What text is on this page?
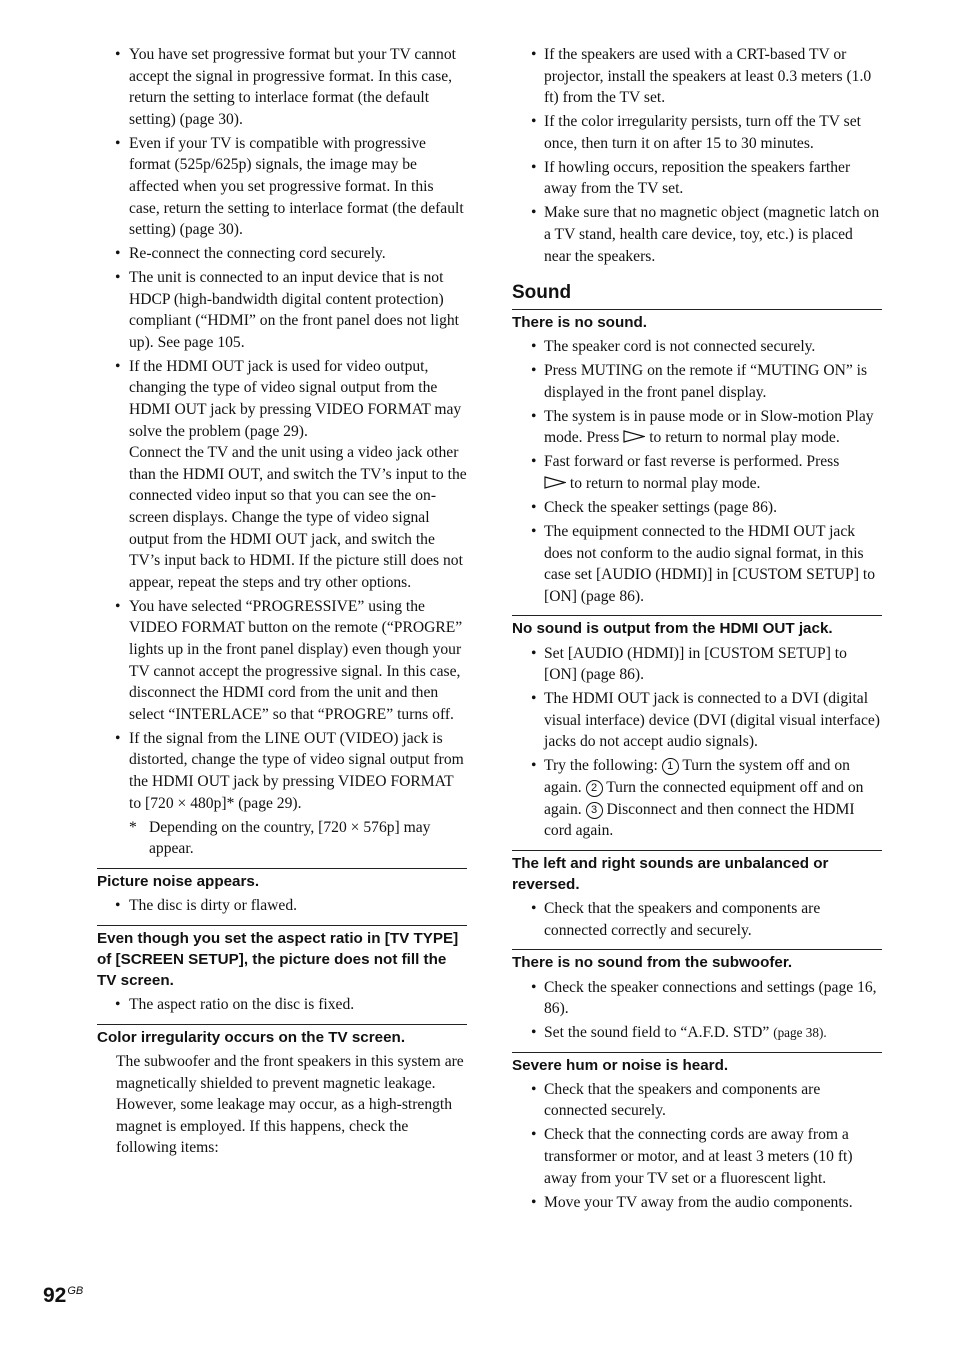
• You have set progressive format but your TV cannot accept the signal in progressive format. In this case, return the setting to interlace format (the default setting) (page 30).
• Even if your TV is compatible with progressive format (525p/625p) signals, the image may be affected when you set progressive format. In this case, return the setting to interlace format (the default setting) (page 30).
• Re-connect the connecting cord securely.
• The unit is connected to an input device that is not HDCP (high-bandwidth digital content protection) compliant (“HDMI” on the front panel does not light up). See page 105.
• If the HDMI OUT jack is used for video output, changing the type of video signal output from the HDMI OUT jack by pressing VIDEO FORMAT may solve the problem (page 29).
Connect the TV and the unit using a video jack other than the HDMI OUT, and switch the TV’s input to the connected video input so that you can see the on-screen displays. Change the type of video signal output from the HDMI OUT jack, and switch the TV’s input back to HDMI. If the picture still does not appear, repeat the steps and try other options.
• You have selected “PROGRESSIVE” using the VIDEO FORMAT button on the remote (“PROGRE” lights up in the front panel display) even though your TV cannot accept the progressive signal. In this case, disconnect the HDMI cord from the unit and then select “INTERLACE” so that “PROGRE” turns off.
• If the signal from the LINE OUT (VIDEO) jack is distorted, change the type of video signal output from the HDMI OUT jack by pressing VIDEO FORMAT to [720 × 480p]* (page 29).
* Depending on the country, [720 × 576p] may appear.
Picture noise appears.
• The disc is dirty or flawed.
Even though you set the aspect ratio in [TV TYPE] of [SCREEN SETUP], the picture does not fill the TV screen.
• The aspect ratio on the disc is fixed.
Color irregularity occurs on the TV screen.

The subwoofer and the front speakers in this system are magnetically shielded to prevent magnetic leakage. However, some leakage may occur, as a high-strength magnet is employed. If this happens, check the following items:

• If the speakers are used with a CRT-based TV or projector, install the speakers at least 0.3 meters (1.0 ft) from the TV set.
• If the color irregularity persists, turn off the TV set once, then turn it on after 15 to 30 minutes.
• If howling occurs, reposition the speakers farther away from the TV set.
• Make sure that no magnetic object (magnetic latch on a TV stand, health care device, toy, etc.) is placed near the speakers.
Sound
There is no sound.
• The speaker cord is not connected securely.
• Press MUTING on the remote if “MUTING ON” is displayed in the front panel display.
• The system is in pause mode or in Slow-motion Play mode. Press to return to normal play mode.
• Fast forward or fast reverse is performed. Press
to return to normal play mode.
• Check the speaker settings (page 86).
• The equipment connected to the HDMI OUT jack does not conform to the audio signal format, in this case set [AUDIO (HDMI)] in [CUSTOM SETUP] to [ON] (page 86).
No sound is output from the HDMI OUT jack.
• Set [AUDIO (HDMI)] in [CUSTOM SETUP] to [ON] (page 86).
• The HDMI OUT jack is connected to a DVI (digital visual interface) device (DVI (digital visual interface) jacks do not accept audio signals).
• Try the following: 1 Turn the system off and on again. 2 Turn the connected equipment off and on again. 3 Disconnect and then connect the HDMI cord again.
The left and right sounds are unbalanced or reversed.
• Check that the speakers and components are connected correctly and securely.
There is no sound from the subwoofer.
• Check the speaker connections and settings (page 16, 86).
• Set the sound field to “A.F.D. STD” (page 38).
Severe hum or noise is heard.
• Check that the speakers and components are connected securely.
• Check that the connecting cords are away from a transformer or motor, and at least 3 meters (10 ft) away from your TV set or a fluorescent light.
• Move your TV away from the audio components.
$92^{GB}$
